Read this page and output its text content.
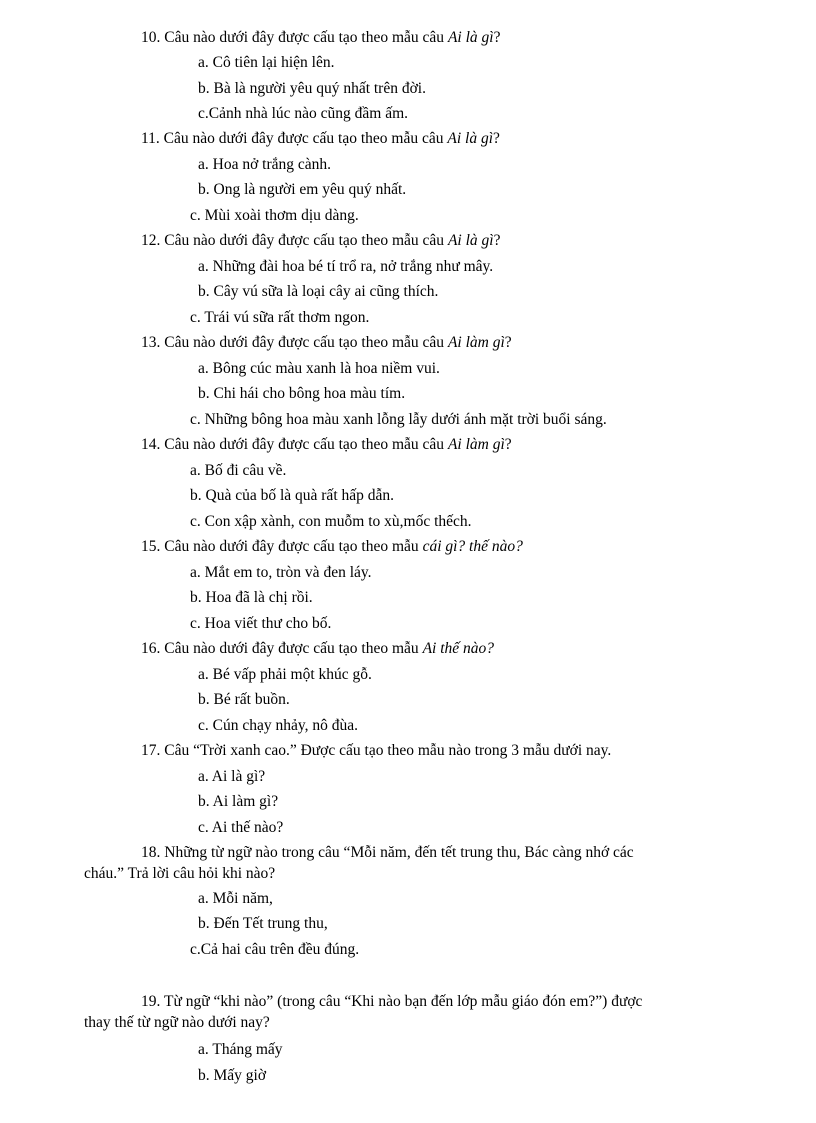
10. Câu nào dưới đây được cấu tạo theo mẫu câu Ai là gì?
a. Cô tiên lại hiện lên.
b. Bà là người yêu quý nhất trên đời.
c.Cảnh nhà lúc nào cũng đầm ấm.
11. Câu nào dưới đây được cấu tạo theo mẫu câu Ai là gì?
a. Hoa nở trắng cành.
b. Ong là người em yêu quý nhất.
c. Mùi xoài thơm dịu dàng.
12. Câu nào dưới đây được cấu tạo theo mẫu câu Ai là gì?
a. Những đài hoa bé tí trổ ra, nở trắng như mây.
b. Cây vú sữa là loại cây ai cũng thích.
c. Trái vú sữa rất thơm ngon.
13. Câu nào dưới đây được cấu tạo theo mẫu câu Ai làm gì?
a. Bông cúc màu xanh là hoa niềm vui.
b. Chi hái cho bông hoa màu tím.
c. Những bông hoa màu xanh lỗng lẫy dưới ánh mặt trời buổi sáng.
14. Câu nào dưới đây được cấu tạo theo mẫu câu Ai làm gì?
a. Bố đi câu về.
b. Quà của bố là quà rất hấp dẫn.
c. Con xập xành, con muỗm to xù,mốc thếch.
15. Câu nào dưới đây được cấu tạo theo mẫu cái gì? thế nào?
a. Mắt em to, tròn và đen láy.
b. Hoa đã là chị rồi.
c. Hoa viết thư cho bố.
16. Câu nào dưới đây được cấu tạo theo mẫu Ai thế nào?
a. Bé vấp phải một khúc gỗ.
b. Bé rất buồn.
c. Cún chạy nhảy, nô đùa.
17. Câu “Trời xanh cao.” Được cấu tạo theo mẫu nào trong 3 mẫu dưới nay.
a. Ai là gì?
b. Ai làm gì?
c. Ai thế nào?
18. Những từ ngữ nào trong câu “Mỗi năm, đến tết trung thu, Bác càng nhớ các
cháu.” Trả lời câu hỏi khi nào?
a. Mỗi năm,
b. Đến Tết trung thu,
c.Cả hai câu trên đều đúng.
19. Từ ngữ “khi nào” (trong câu “Khi nào bạn đến lớp mẫu giáo đón em?”) được
thay thế từ ngữ nào dưới nay?
a. Tháng mấy
b. Mấy giờ
